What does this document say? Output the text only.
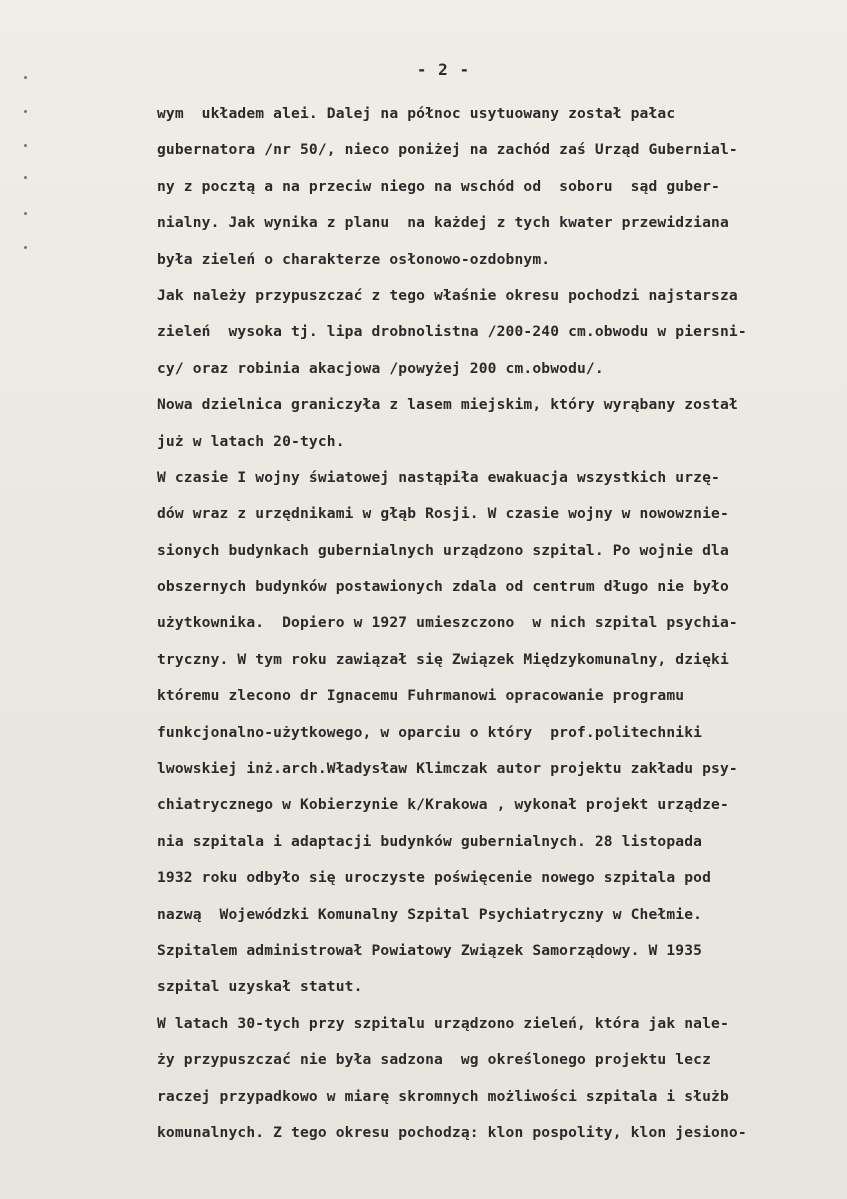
- 2 -
wym  układem alei. Dalej na północ usytuowany został pałac
gubernatora /nr 50/, nieco poniżej na zachód zaś Urząd Gubernial-
ny z pocztą a na przeciw niego na wschód od  soboru  sąd guber-
nialny. Jak wynika z planu  na każdej z tych kwater przewidziana
była zieleń o charakterze osłonowo-ozdobnym.
Jak należy przypuszczać z tego właśnie okresu pochodzi najstarsza
zieleń  wysoka tj. lipa drobnolistna /200-240 cm.obwodu w piersni-
cy/ oraz robinia akacjowa /powyżej 200 cm.obwodu/.
Nowa dzielnica graniczyła z lasem miejskim, który wyrąbany został
już w latach 20-tych.
W czasie I wojny światowej nastąpiła ewakuacja wszystkich urzę-
dów wraz z urzędnikami w głąb Rosji. W czasie wojny w nowowznie-
sionych budynkach gubernialnych urządzono szpital. Po wojnie dla
obszernych budynków postawionych zdala od centrum długo nie było
użytkownika.  Dopiero w 1927 umieszczono  w nich szpital psychia-
tryczny. W tym roku zawiązał się Związek Międzykomunalny, dzięki
któremu zlecono dr Ignacemu Fuhrmanowi opracowanie programu
funkcjonalno-użytkowego, w oparciu o który  prof.politechniki
lwowskiej inż.arch.Władysław Klimczak autor projektu zakładu psy-
chiatrycznego w Kobierzynie k/Krakowa , wykonał projekt urządze-
nia szpitala i adaptacji budynków gubernialnych. 28 listopada
1932 roku odbyło się uroczyste poświęcenie nowego szpitala pod
nazwą  Wojewódzki Komunalny Szpital Psychiatryczny w Chełmie.
Szpitalem administrował Powiatowy Związek Samorządowy. W 1935
szpital uzyskał statut.
W latach 30-tych przy szpitalu urządzono zieleń, która jak nale-
ży przypuszczać nie była sadzona  wg określonego projektu lecz
raczej przypadkowo w miarę skromnych możliwości szpitala i służb
komunalnych. Z tego okresu pochodzą: klon pospolity, klon jesiono-
